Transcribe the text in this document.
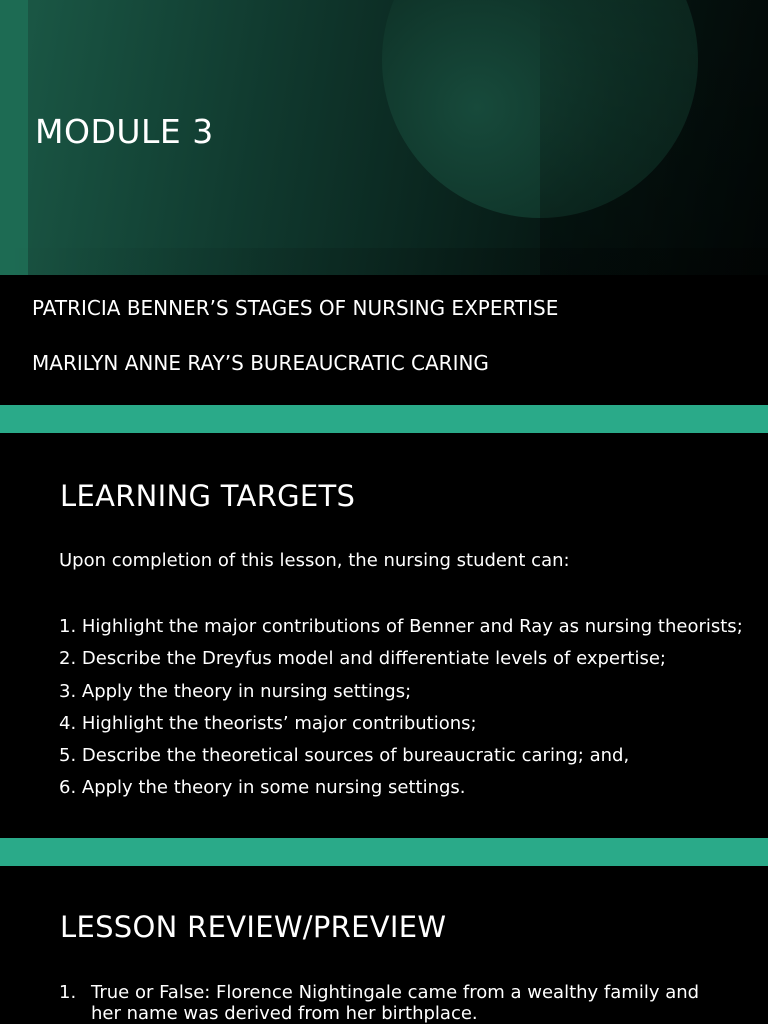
MODULE 3

PATRICIA BENNER’S STAGES OF NURSING EXPERTISE

MARILYN ANNE RAY’S BUREAUCRATIC CARING

LEARNING TARGETS

Upon completion of this lesson, the nursing student can:

1. Highlight the major contributions of Benner and Ray as nursing theorists;
2. Describe the Dreyfus model and differentiate levels of expertise;
3. Apply the theory in nursing settings;
4. Highlight the theorists’ major contributions;
5. Describe the theoretical sources of bureaucratic caring; and,
6. Apply the theory in some nursing settings.
LESSON REVIEW/PREVIEW
1. True or False: Florence Nightingale came from a wealthy family and her name was derived from her birthplace.
